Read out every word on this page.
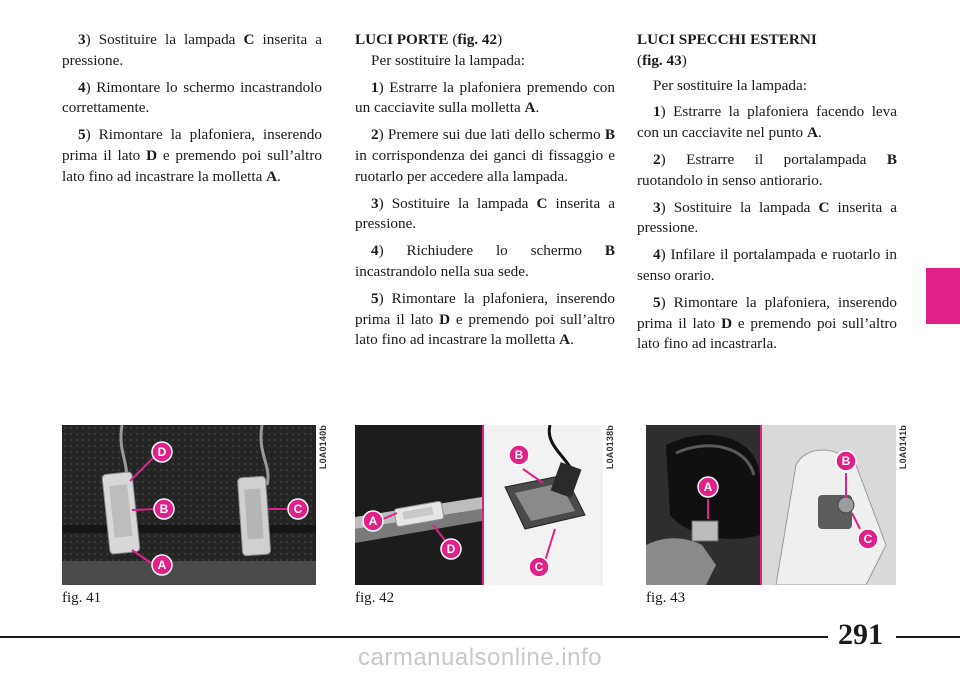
3) Sostituire la lampada C inserita a pressione.

4) Rimontare lo schermo incastrandolo correttamente.

5) Rimontare la plafoniera, inserendo prima il lato D e premendo poi sull’altro lato fino ad incastrare la molletta A.

LUCI PORTE (fig. 42)

Per sostituire la lampada:

1) Estrarre la plafoniera premendo con un cacciavite sulla molletta A.

2) Premere sui due lati dello schermo B in corrispondenza dei ganci di fissaggio e ruotarlo per accedere alla lampada.

3) Sostituire la lampada C inserita a pressione.

4) Richiudere lo schermo B incastrandolo nella sua sede.

5) Rimontare la plafoniera, inserendo prima il lato D e premendo poi sull’altro lato fino ad incastrare la molletta A.

LUCI SPECCHI ESTERNI

(fig. 43)

Per sostituire la lampada:

1) Estrarre la plafoniera facendo leva con un cacciavite nel punto A.

2) Estrarre il portalampada B ruotandolo in senso antiorario.

3) Sostituire la lampada C inserita a pressione.

4) Infilare il portalampada e ruotarlo in senso orario.

5) Rimontare la plafoniera, inserendo prima il lato D e premendo poi sull’altro lato fino ad incastrarla.

D
B
A
C
L0A0140b
fig. 41
B
A
D
C
L0A0138b
fig. 42
B
A
C
L0A0141b
fig. 43
291
carmanualsonline.info
